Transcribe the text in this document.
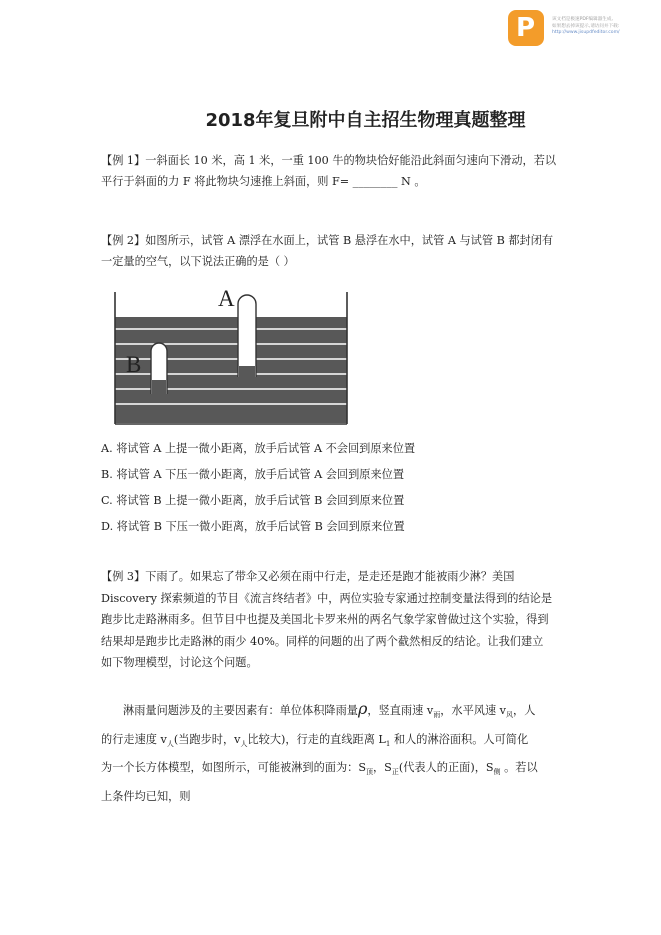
P	该文档是极速PDF编辑器生成,
如果想去掉该提示,请访问并下载:
http://www.jisupdfeditor.com/
2018年复旦附中自主招生物理真题整理
【例 1】一斜面长 10 米，高 1 米，一重 100 牛的物块恰好能沿此斜面匀速向下滑动，若以
平行于斜面的力 F 将此物块匀速推上斜面，则 F= ________ N 。
【例 2】如图所示，试管 A 漂浮在水面上，试管 B 悬浮在水中，试管 A 与试管 B 都封闭有
一定量的空气，以下说法正确的是（ ）
A
B
A. 将试管 A 上提一微小距离，放手后试管 A 不会回到原来位置
B. 将试管 A 下压一微小距离，放手后试管 A 会回到原来位置
C. 将试管 B 上提一微小距离，放手后试管 B 会回到原来位置
D. 将试管 B 下压一微小距离，放手后试管 B 会回到原来位置
【例 3】下雨了。如果忘了带伞又必须在雨中行走，是走还是跑才能被雨少淋？美国
Discovery 探索频道的节目《流言终结者》中，两位实验专家通过控制变量法得到的结论是
跑步比走路淋雨多。但节目中也提及美国北卡罗来州的两名气象学家曾做过这个实验，得到
结果却是跑步比走路淋的雨少 40%。同样的问题的出了两个截然相反的结论。让我们建立
如下物理模型，讨论这个问题。
淋雨量问题涉及的主要因素有：单位体积降雨量ρ，竖直雨速 $v_雨$，水平风速 $v_风$，人
的行走速度 $v_人$(当跑步时，$v_人$比较大)，行走的直线距离 $L_1$ 和人的淋浴面积。人可简化
为一个长方体模型，如图所示，可能被淋到的面为：$S_顶$，$S_正$(代表人的正面)，$S_侧$ 。若以
上条件均已知，则
